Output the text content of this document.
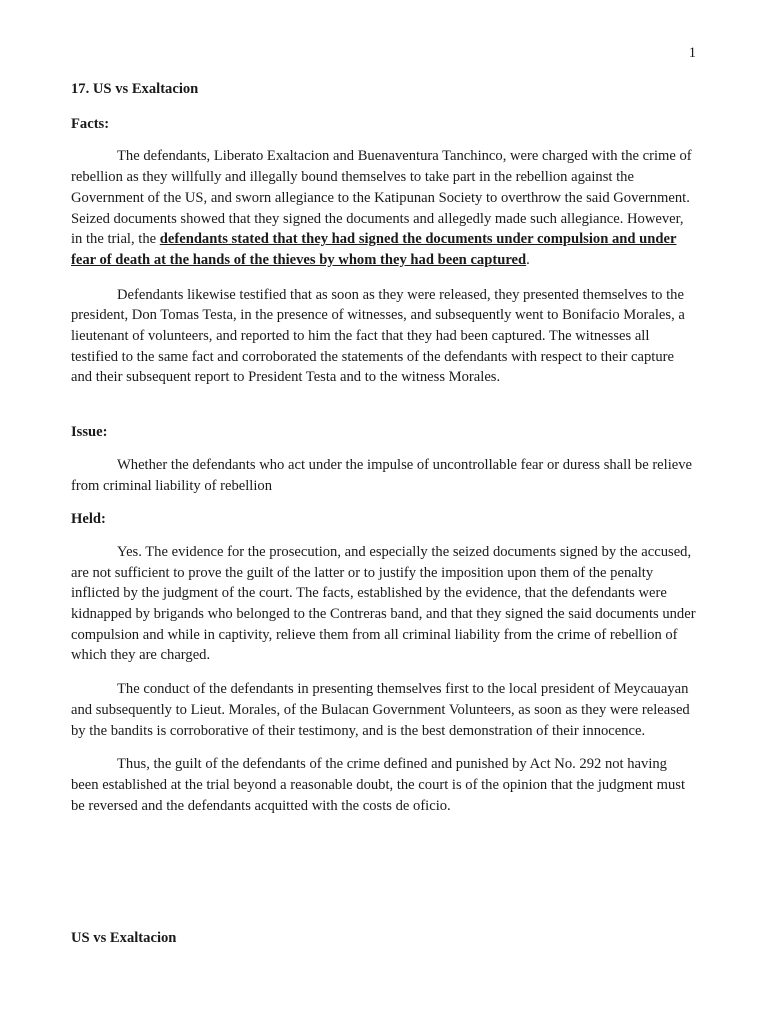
1

17. US vs Exaltacion

Facts:

The defendants, Liberato Exaltacion and Buenaventura Tanchinco, were charged with the crime of rebellion as they willfully and illegally bound themselves to take part in the rebellion against the Government of the US, and sworn allegiance to the Katipunan Society to overthrow the said Government. Seized documents showed that they signed the documents and allegedly made such allegiance. However, in the trial, the defendants stated that they had signed the documents under compulsion and under fear of death at the hands of the thieves by whom they had been captured.

Defendants likewise testified that as soon as they were released, they presented themselves to the president, Don Tomas Testa, in the presence of witnesses, and subsequently went to Bonifacio Morales, a lieutenant of volunteers, and reported to him the fact that they had been captured. The witnesses all testified to the same fact and corroborated the statements of the defendants with respect to their capture and their subsequent report to President Testa and to the witness Morales.

Issue:

Whether the defendants who act under the impulse of uncontrollable fear or duress shall be relieve from criminal liability of rebellion

Held:

Yes. The evidence for the prosecution, and especially the seized documents signed by the accused, are not sufficient to prove the guilt of the latter or to justify the imposition upon them of the penalty inflicted by the judgment of the court. The facts, established by the evidence, that the defendants were kidnapped by brigands who belonged to the Contreras band, and that they signed the said documents under compulsion and while in captivity, relieve them from all criminal liability from the crime of rebellion of which they are charged.

The conduct of the defendants in presenting themselves first to the local president of Meycauayan and subsequently to Lieut. Morales, of the Bulacan Government Volunteers, as soon as they were released by the bandits is corroborative of their testimony, and is the best demonstration of their innocence.

Thus, the guilt of the defendants of the crime defined and punished by Act No. 292 not having been established at the trial beyond a reasonable doubt, the court is of the opinion that the judgment must be reversed and the defendants acquitted with the costs de oficio.

US vs Exaltacion
